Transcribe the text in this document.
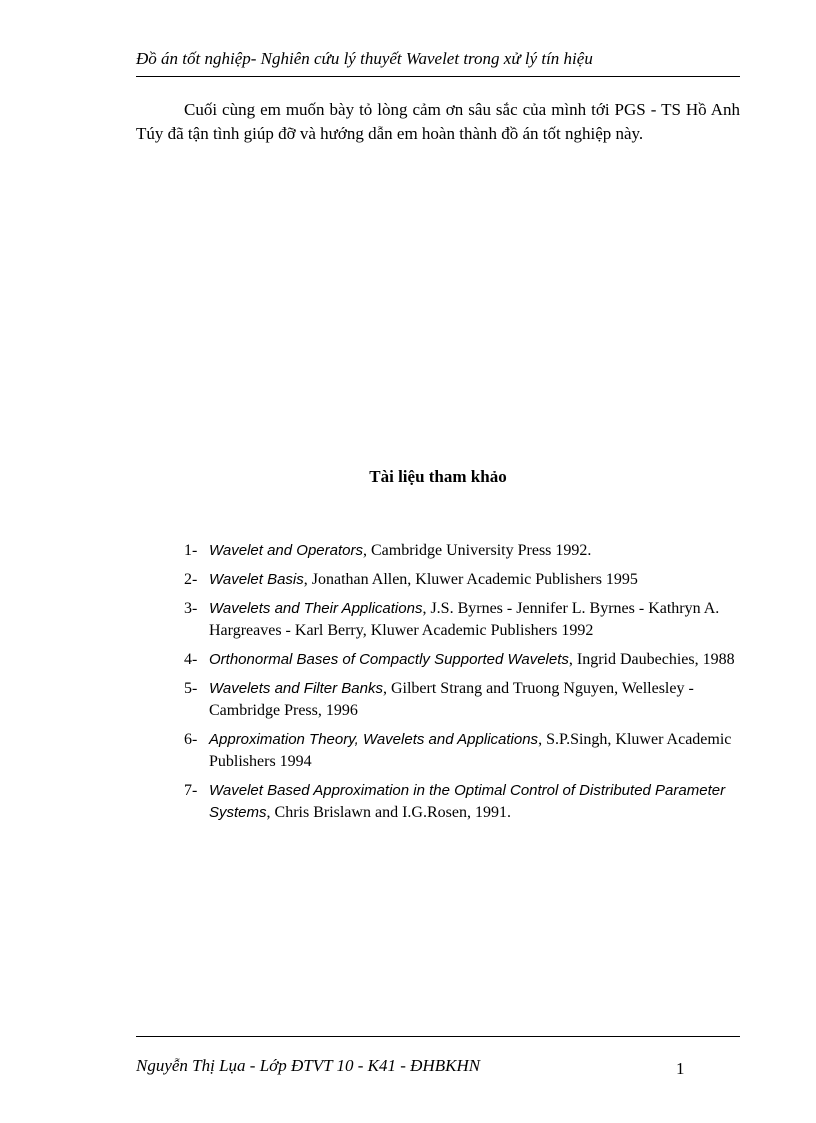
Đồ án tốt nghiệp- Nghiên cứu lý thuyết Wavelet trong xử lý tín hiệu

Cuối cùng em muốn bày tỏ lòng cảm ơn sâu sắc của mình tới PGS - TS Hồ Anh Túy đã tận tình giúp đỡ và hướng dẫn em hoàn thành đồ án tốt nghiệp này.

Tài liệu tham khảo
1- Wavelet and Operators, Cambridge University Press 1992.
2- Wavelet Basis, Jonathan Allen, Kluwer Academic Publishers 1995
3- Wavelets and Their Applications, J.S. Byrnes - Jennifer L. Byrnes - Kathryn A. Hargreaves - Karl Berry, Kluwer Academic Publishers 1992
4- Orthonormal Bases of Compactly Supported Wavelets, Ingrid Daubechies, 1988
5- Wavelets and Filter Banks, Gilbert Strang and Truong Nguyen, Wellesley - Cambridge Press, 1996
6- Approximation Theory, Wavelets and Applications, S.P.Singh, Kluwer Academic Publishers 1994
7- Wavelet Based Approximation in the Optimal Control of Distributed Parameter Systems, Chris Brislawn and I.G.Rosen, 1991.
Nguyễn Thị Lụa - Lớp ĐTVT 10 - K41 - ĐHBKHN	1
